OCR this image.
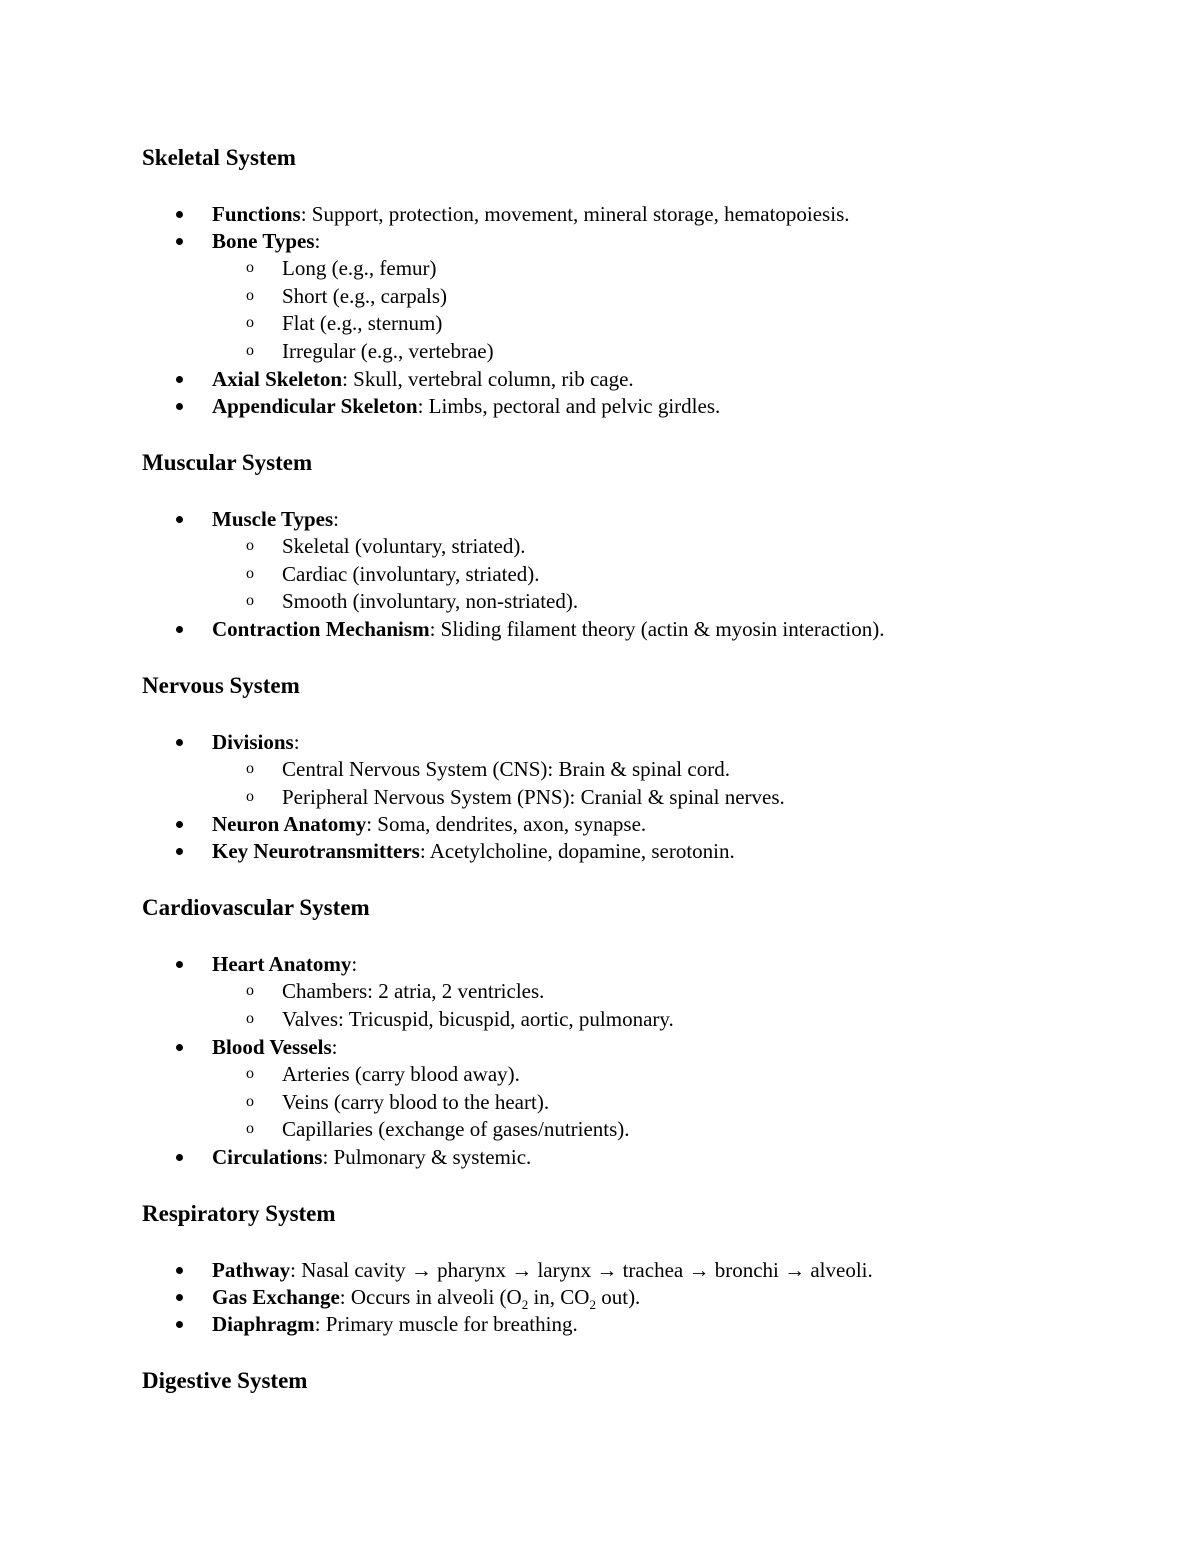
Skeletal System
Functions: Support, protection, movement, mineral storage, hematopoiesis.
Bone Types:
o Long (e.g., femur)
o Short (e.g., carpals)
o Flat (e.g., sternum)
o Irregular (e.g., vertebrae)
Axial Skeleton: Skull, vertebral column, rib cage.
Appendicular Skeleton: Limbs, pectoral and pelvic girdles.
Muscular System
Muscle Types:
o Skeletal (voluntary, striated).
o Cardiac (involuntary, striated).
o Smooth (involuntary, non-striated).
Contraction Mechanism: Sliding filament theory (actin & myosin interaction).
Nervous System
Divisions:
o Central Nervous System (CNS): Brain & spinal cord.
o Peripheral Nervous System (PNS): Cranial & spinal nerves.
Neuron Anatomy: Soma, dendrites, axon, synapse.
Key Neurotransmitters: Acetylcholine, dopamine, serotonin.
Cardiovascular System
Heart Anatomy:
o Chambers: 2 atria, 2 ventricles.
o Valves: Tricuspid, bicuspid, aortic, pulmonary.
Blood Vessels:
o Arteries (carry blood away).
o Veins (carry blood to the heart).
o Capillaries (exchange of gases/nutrients).
Circulations: Pulmonary & systemic.
Respiratory System
Pathway: Nasal cavity → pharynx → larynx → trachea → bronchi → alveoli.
Gas Exchange: Occurs in alveoli ($O_2$ in, $CO_2$ out).
Diaphragm: Primary muscle for breathing.
Digestive System
